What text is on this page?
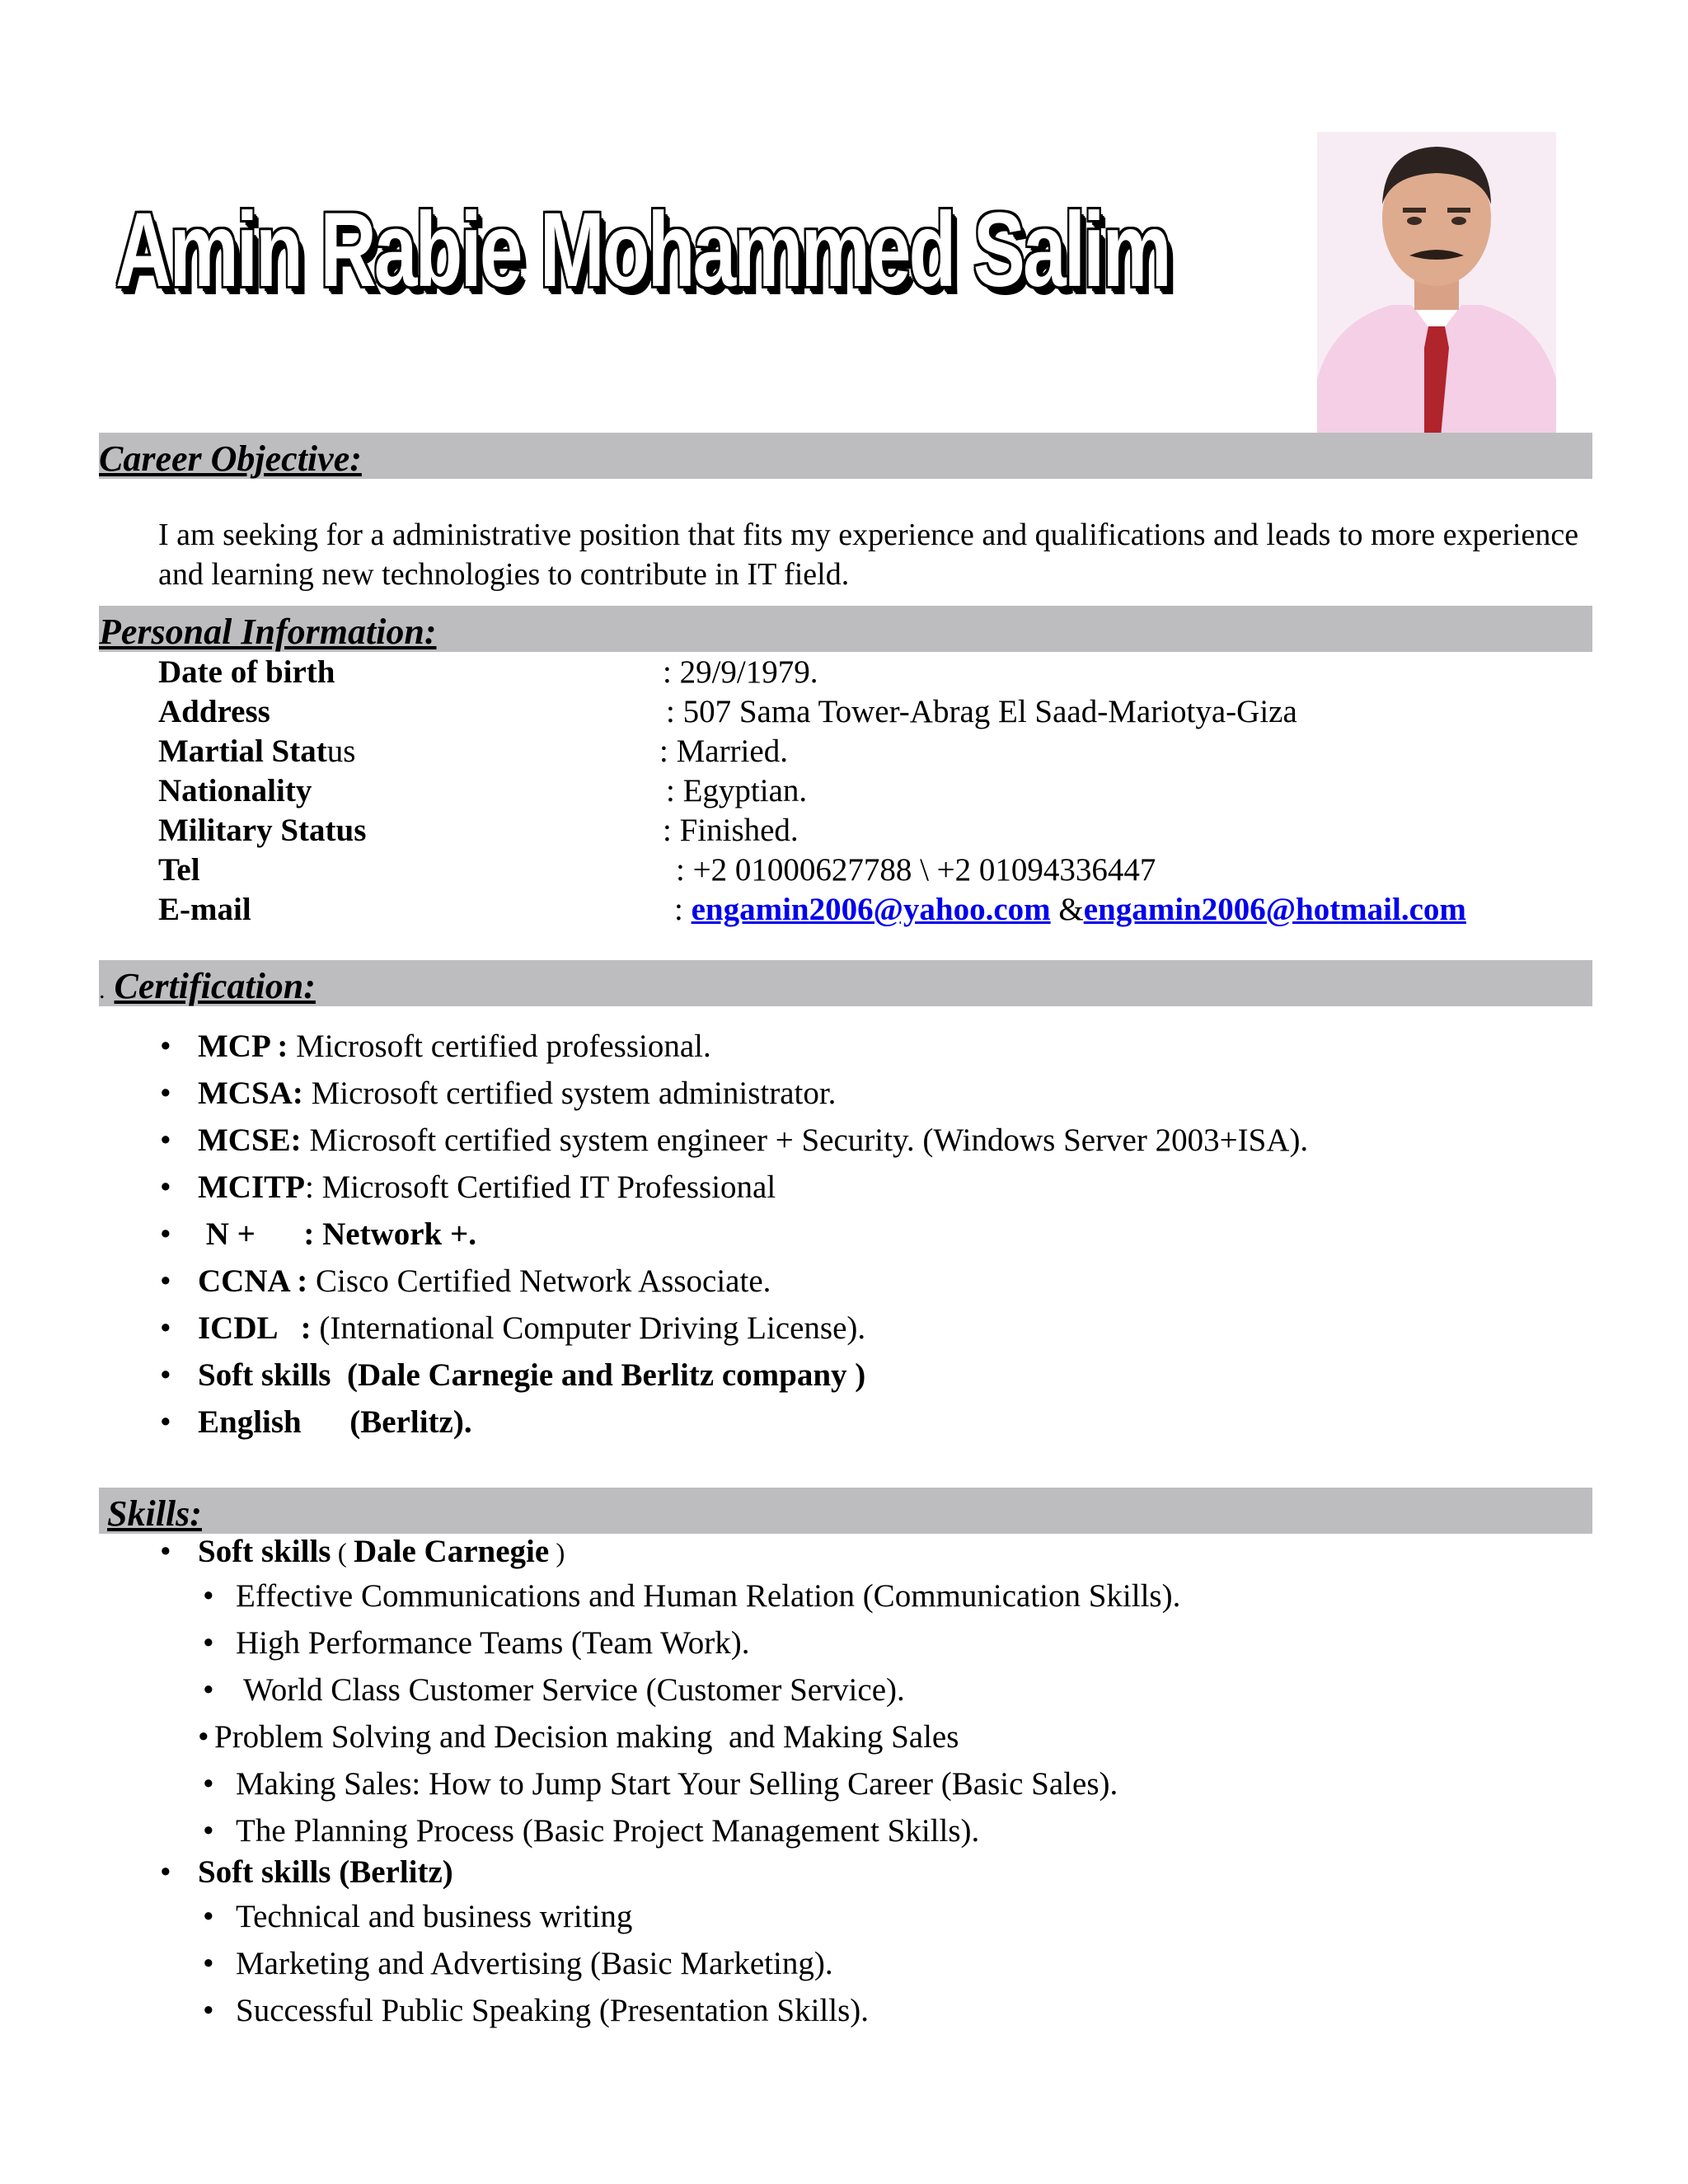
Amin Rabie Mohammed Salim
Career Objective:

I am seeking for a administrative position that fits my experience and qualifications and leads to more experience and learning new technologies to contribute in IT field.

Personal Information:
Date of birth	: 29/9/1979.
Address	: 507 Sama Tower-Abrag El Saad-Mariotya-Giza
Martial Status	: Married.
Nationality	: Egyptian.
Military Status	: Finished.
Tel	: +2 01000627788 \ +2 01094336447
E-mail	: engamin2006@yahoo.com &engamin2006@hotmail.com
. Certification:
• MCP : Microsoft certified professional.
• MCSA: Microsoft certified system administrator.
• MCSE: Microsoft certified system engineer + Security. (Windows Server 2003+ISA).
• MCITP: Microsoft Certified IT Professional
• N +      : Network +.
• CCNA : Cisco Certified Network Associate.
• ICDL   : (International Computer Driving License).
• Soft skills  (Dale Carnegie and Berlitz company )
• English      (Berlitz).
Skills:
• Soft skills ( Dale Carnegie )
• Effective Communications and Human Relation (Communication Skills).
• High Performance Teams (Team Work).
• World Class Customer Service (Customer Service).
• Problem Solving and Decision making  and Making Sales
• Making Sales: How to Jump Start Your Selling Career (Basic Sales).
• The Planning Process (Basic Project Management Skills).
• Soft skills (Berlitz)
• Technical and business writing
• Marketing and Advertising (Basic Marketing).
• Successful Public Speaking (Presentation Skills).
